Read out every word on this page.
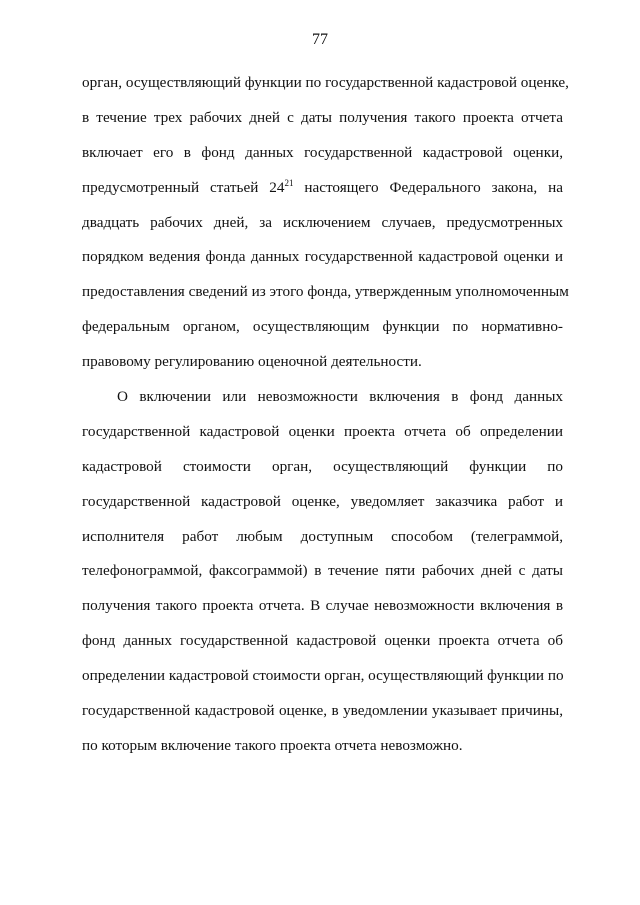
77
орган, осуществляющий функции по государственной кадастровой оценке,
в течение трех рабочих дней с даты получения такого проекта отчета
включает его в фонд данных государственной кадастровой оценки,
предусмотренный статьей $24^{21}$ настоящего Федерального закона, на
двадцать рабочих дней, за исключением случаев, предусмотренных
порядком ведения фонда данных государственной кадастровой оценки и
предоставления сведений из этого фонда, утвержденным уполномоченным
федеральным органом, осуществляющим функции по нормативно-
правовому регулированию оценочной деятельности.
О включении или невозможности включения в фонд данных
государственной кадастровой оценки проекта отчета об определении
кадастровой стоимости орган, осуществляющий функции по
государственной кадастровой оценке, уведомляет заказчика работ и
исполнителя работ любым доступным способом (телеграммой,
телефонограммой, факсограммой) в течение пяти рабочих дней с даты
получения такого проекта отчета. В случае невозможности включения в
фонд данных государственной кадастровой оценки проекта отчета об
определении кадастровой стоимости орган, осуществляющий функции по
государственной кадастровой оценке, в уведомлении указывает причины,
по которым включение такого проекта отчета невозможно.
